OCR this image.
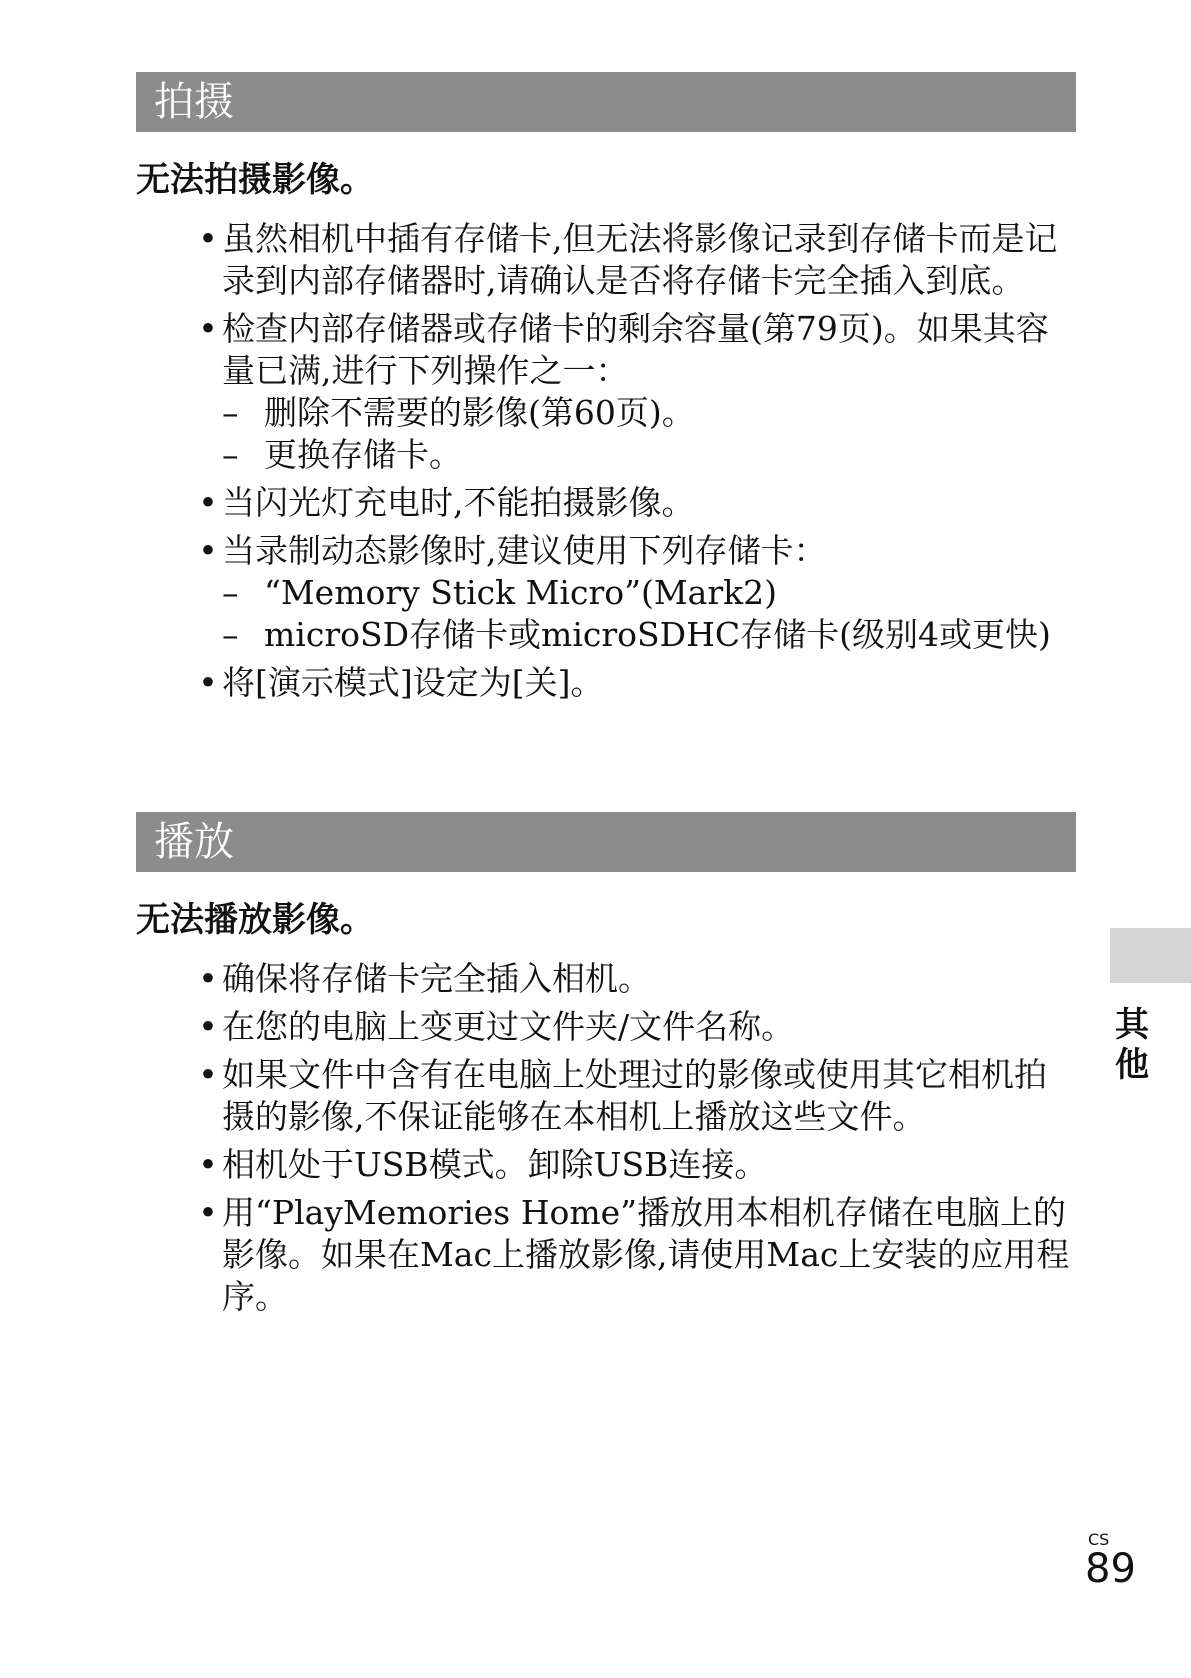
拍摄
无法拍摄影像。
• 虽然相机中插有存储卡,但无法将影像记录到存储卡而是记录到内部存储器时,请确认是否将存储卡完全插入到底。
• 检查内部存储器或存储卡的剩余容量(第79页)。如果其容量已满,进行下列操作之一：
– 删除不需要的影像(第60页)。
– 更换存储卡。
• 当闪光灯充电时,不能拍摄影像。
• 当录制动态影像时,建议使用下列存储卡：
– “Memory Stick Micro”(Mark2)
– microSD存储卡或microSDHC存储卡(级别4或更快)
• 将[演示模式]设定为[关]。
播放
无法播放影像。
• 确保将存储卡完全插入相机。
• 在您的电脑上变更过文件夹/文件名称。
• 如果文件中含有在电脑上处理过的影像或使用其它相机拍摄的影像,不保证能够在本相机上播放这些文件。
• 相机处于USB模式。卸除USB连接。
• 用“PlayMemories Home”播放用本相机存储在电脑上的影像。如果在Mac上播放影像,请使用Mac上安装的应用程序。
其他
CS
89
